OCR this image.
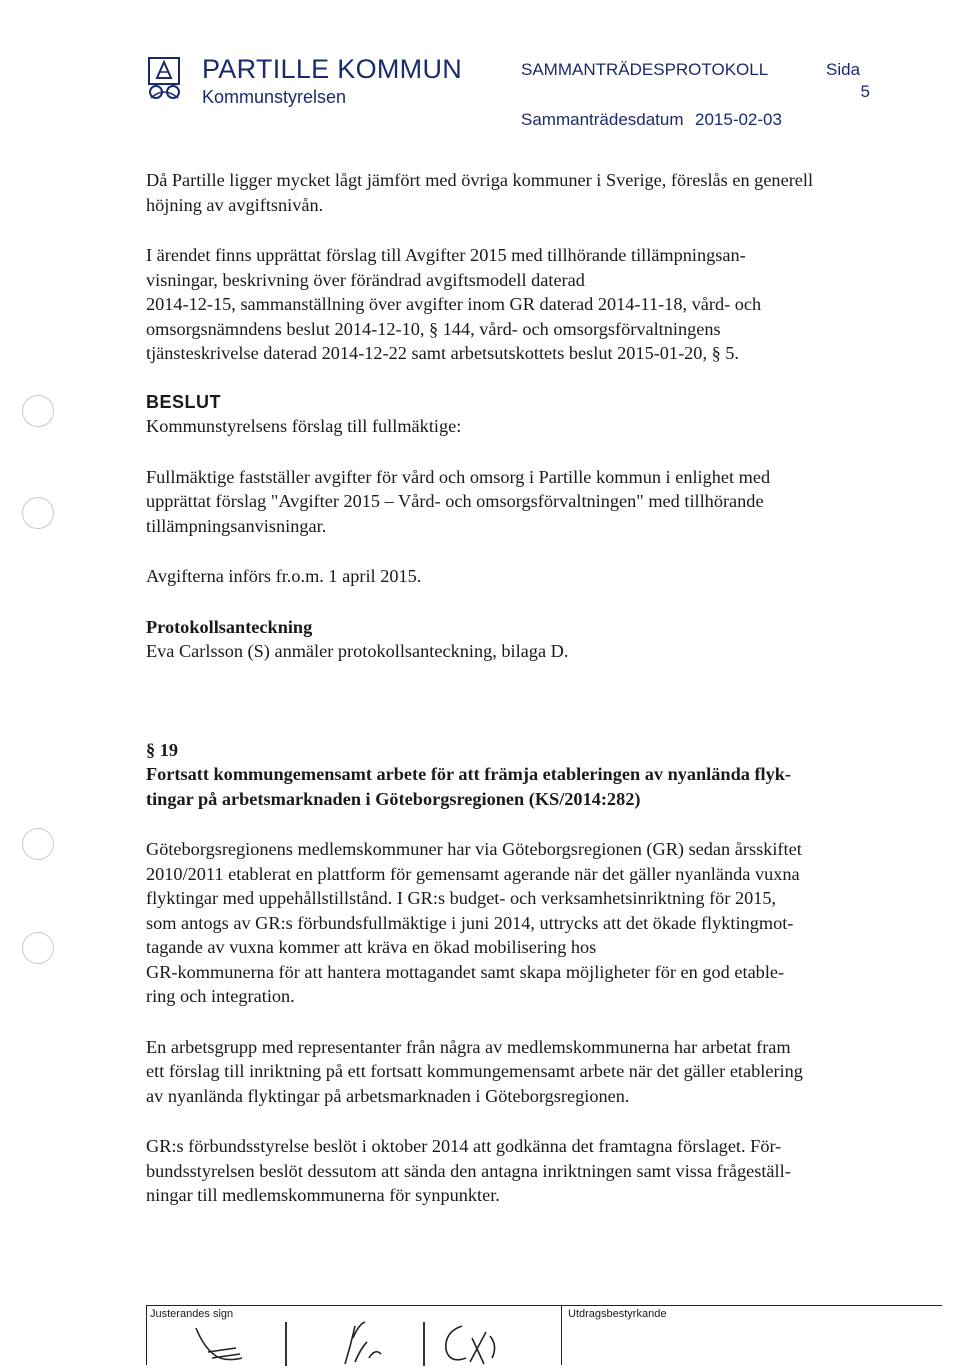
PARTILLE KOMMUN
Kommunstyrelsen
SAMMANTRÄDESPROTOKOLL	Sida
5
Sammanträdesdatum 2015-02-03

Då Partille ligger mycket lågt jämfört med övriga kommuner i Sverige, föreslås en generell
höjning av avgiftsnivån.

I ärendet finns upprättat förslag till Avgifter 2015 med tillhörande tillämpningsan-
visningar, beskrivning över förändrad avgiftsmodell daterad
2014-12-15, sammanställning över avgifter inom GR daterad 2014-11-18, vård- och
omsorgsnämndens beslut 2014-12-10, § 144, vård- och omsorgsförvaltningens
tjänsteskrivelse daterad 2014-12-22 samt arbetsutskottets beslut 2015-01-20, § 5.

BESLUT

Kommunstyrelsens förslag till fullmäktige:

Fullmäktige fastställer avgifter för vård och omsorg i Partille kommun i enlighet med
upprättat förslag "Avgifter 2015 – Vård- och omsorgsförvaltningen" med tillhörande
tillämpningsanvisningar.

Avgifterna införs fr.o.m. 1 april 2015.

Protokollsanteckning

Eva Carlsson (S) anmäler protokollsanteckning, bilaga D.

§ 19

Fortsatt kommungemensamt arbete för att främja etableringen av nyanlända flyk-
tingar på arbetsmarknaden i Göteborgsregionen (KS/2014:282)

Göteborgsregionens medlemskommuner har via Göteborgsregionen (GR) sedan årsskiftet
2010/2011 etablerat en plattform för gemensamt agerande när det gäller nyanlända vuxna
flyktingar med uppehållstillstånd. I GR:s budget- och verksamhetsinriktning för 2015,
som antogs av GR:s förbundsfullmäktige i juni 2014, uttrycks att det ökade flyktingmot-
tagande av vuxna kommer att kräva en ökad mobilisering hos
GR-kommunerna för att hantera mottagandet samt skapa möjligheter för en god etable-
ring och integration.

En arbetsgrupp med representanter från några av medlemskommunerna har arbetat fram
ett förslag till inriktning på ett fortsatt kommungemensamt arbete när det gäller etablering
av nyanlända flyktingar på arbetsmarknaden i Göteborgsregionen.

GR:s förbundsstyrelse beslöt i oktober 2014 att godkänna det framtagna förslaget. För-
bundsstyrelsen beslöt dessutom att sända den antagna inriktningen samt vissa frågeställ-
ningar till medlemskommunerna för synpunkter.

Justerandes sign	Utdragsbestyrkande
